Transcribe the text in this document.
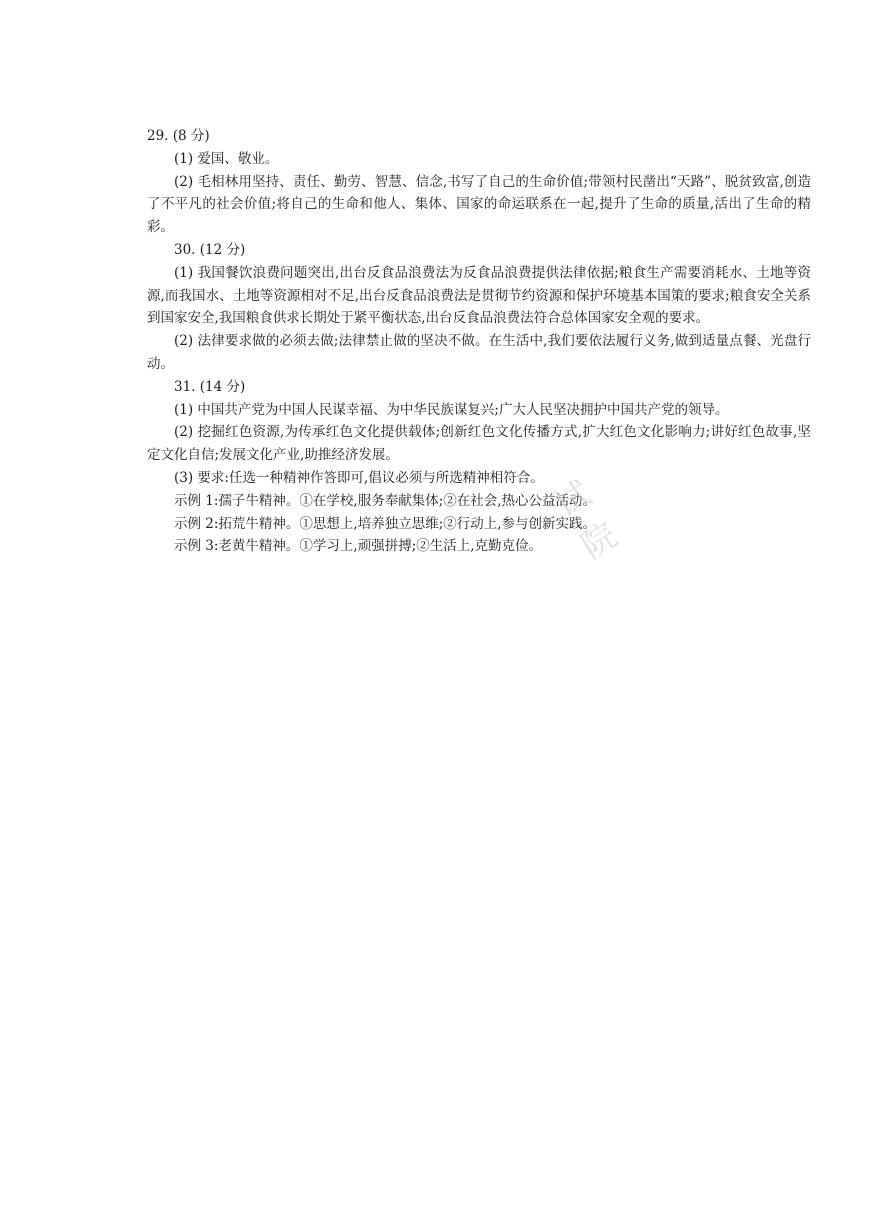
29. (8 分)
(1) 爱国、敬业。
(2) 毛相林用坚持、责任、勤劳、智慧、信念,书写了自己的生命价值;带领村民凿出“天路”、脱贫致富,创造了不平凡的社会价值;将自己的生命和他人、集体、国家的命运联系在一起,提升了生命的质量,活出了生命的精彩。
30. (12 分)
(1) 我国餐饮浪费问题突出,出台反食品浪费法为反食品浪费提供法律依据;粮食生产需要消耗水、土地等资源,而我国水、土地等资源相对不足,出台反食品浪费法是贯彻节约资源和保护环境基本国策的要求;粮食安全关系到国家安全,我国粮食供求长期处于紧平衡状态,出台反食品浪费法符合总体国家安全观的要求。
(2) 法律要求做的必须去做;法律禁止做的坚决不做。在生活中,我们要依法履行义务,做到适量点餐、光盘行动。
31. (14 分)
(1) 中国共产党为中国人民谋幸福、为中华民族谋复兴;广大人民坚决拥护中国共产党的领导。
(2) 挖掘红色资源,为传承红色文化提供载体;创新红色文化传播方式,扩大红色文化影响力;讲好红色故事,坚定文化自信;发展文化产业,助推经济发展。
(3) 要求:任选一种精神作答即可,倡议必须与所选精神相符合。
示例 1:孺子牛精神。①在学校,服务奉献集体;②在社会,热心公益活动。
示例 2:拓荒牛精神。①思想上,培养独立思维;②行动上,参与创新实践。
示例 3:老黄牛精神。①学习上,顽强拼搏;②生活上,克勤克俭。
试 院
